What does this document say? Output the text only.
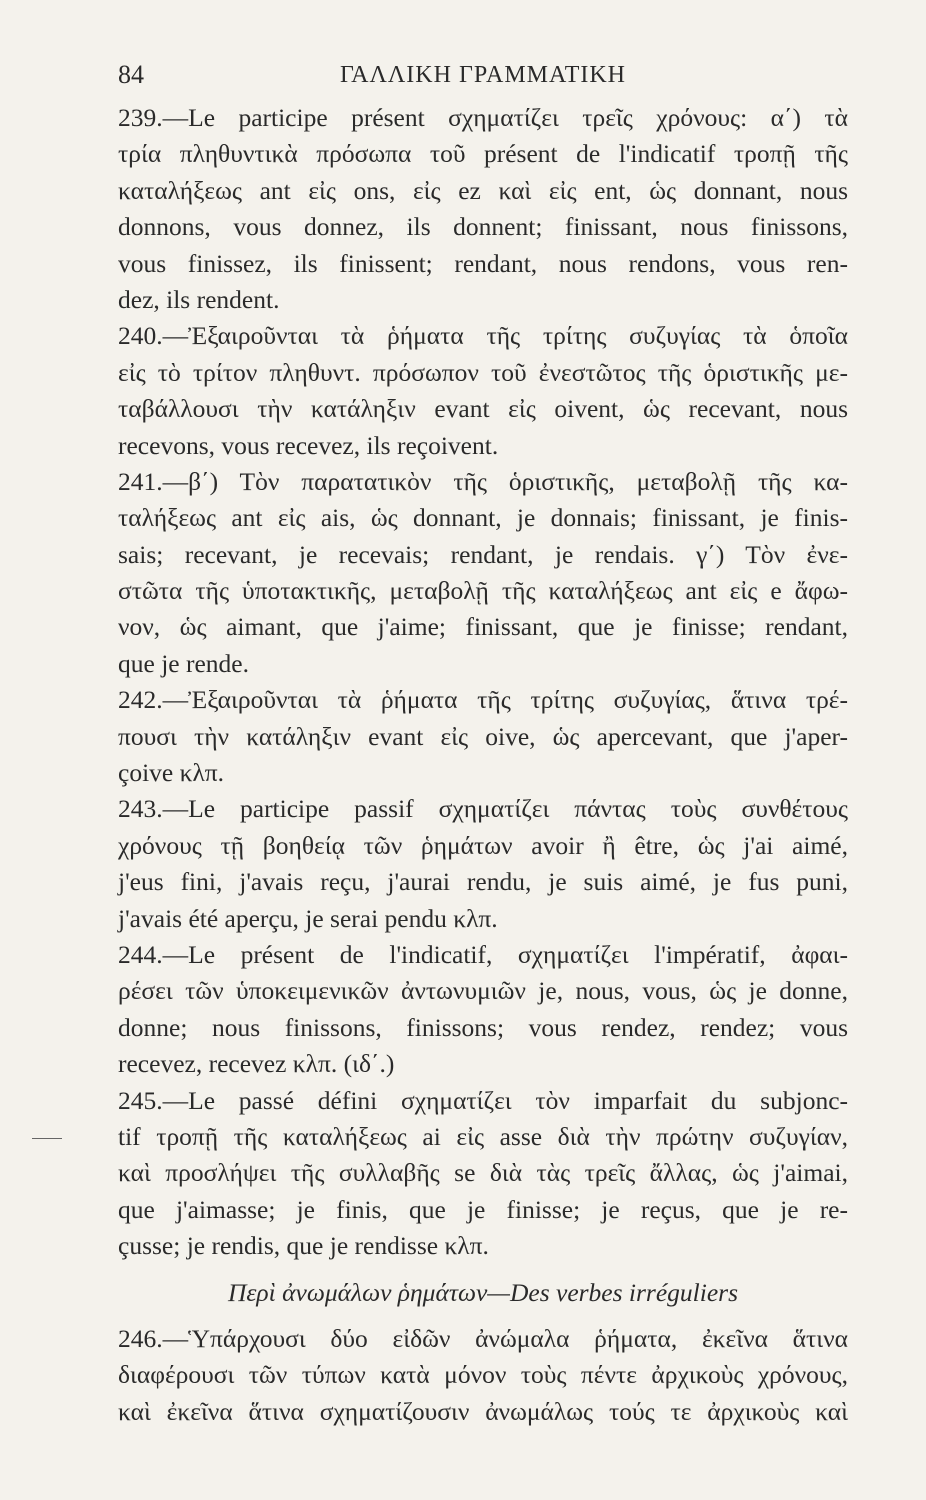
84	ΓΑΛΛΙΚΗ ΓΡΑΜΜΑΤΙΚΗ
239.—Le participe présent σχηματίζει τρεῖς χρόνους: α΄) τὰ
τρία πληθυντικὰ πρόσωπα τοῦ présent de l'indicatif τροπῇ τῆς
καταλήξεως ant εἰς ons, εἰς ez καὶ εἰς ent, ὡς donnant, nous
donnons, vous donnez, ils donnent; finissant, nous finissons,
vous finissez, ils finissent; rendant, nous rendons, vous ren-
dez, ils rendent.
240.—Ἐξαιροῦνται τὰ ῥήματα τῆς τρίτης συζυγίας τὰ ὁποῖα
εἰς τὸ τρίτον πληθυντ. πρόσωπον τοῦ ἐνεστῶτος τῆς ὁριστικῆς με-
ταβάλλουσι τὴν κατάληξιν evant εἰς oivent, ὡς recevant, nous
recevons, vous recevez, ils reçoivent.
241.—β΄) Τὸν παρατατικὸν τῆς ὁριστικῆς, μεταβολῇ τῆς κα-
ταλήξεως ant εἰς ais, ὡς donnant, je donnais; finissant, je finis-
sais; recevant, je recevais; rendant, je rendais. γ΄) Τὸν ἐνε-
στῶτα τῆς ὑποτακτικῆς, μεταβολῇ τῆς καταλήξεως ant εἰς e ἄφω-
νον, ὡς aimant, que j'aime; finissant, que je finisse; rendant,
que je rende.
242.—Ἐξαιροῦνται τὰ ῥήματα τῆς τρίτης συζυγίας, ἅτινα τρέ-
πουσι τὴν κατάληξιν evant εἰς oive, ὡς apercevant, que j'aper-
çoive κλπ.
243.—Le participe passif σχηματίζει πάντας τοὺς συνθέτους
χρόνους τῇ βοηθείᾳ τῶν ῥημάτων avoir ἢ être, ὡς j'ai aimé,
j'eus fini, j'avais reçu, j'aurai rendu, je suis aimé, je fus puni,
j'avais été aperçu, je serai pendu κλπ.
244.—Le présent de l'indicatif, σχηματίζει l'impératif, ἀφαι-
ρέσει τῶν ὑποκειμενικῶν ἀντωνυμιῶν je, nous, vous, ὡς je donne,
donne; nous finissons, finissons; vous rendez, rendez; vous
recevez, recevez κλπ. (ιδ΄.)
245.—Le passé défini σχηματίζει τὸν imparfait du subjonc-
tif τροπῇ τῆς καταλήξεως ai εἰς asse διὰ τὴν πρώτην συζυγίαν,
καὶ προσλήψει τῆς συλλαβῆς se διὰ τὰς τρεῖς ἄλλας, ὡς j'aimai,
que j'aimasse; je finis, que je finisse; je reçus, que je re-
çusse; je rendis, que je rendisse κλπ.
Περὶ ἀνωμάλων ῥημάτων—Des verbes irréguliers
246.—Ὑπάρχουσι δύο εἰδῶν ἀνώμαλα ῥήματα, ἐκεῖνα ἅτινα
διαφέρουσι τῶν τύπων κατὰ μόνον τοὺς πέντε ἀρχικοὺς χρόνους,
καὶ ἐκεῖνα ἅτινα σχηματίζουσιν ἀνωμάλως τούς τε ἀρχικοὺς καὶ
